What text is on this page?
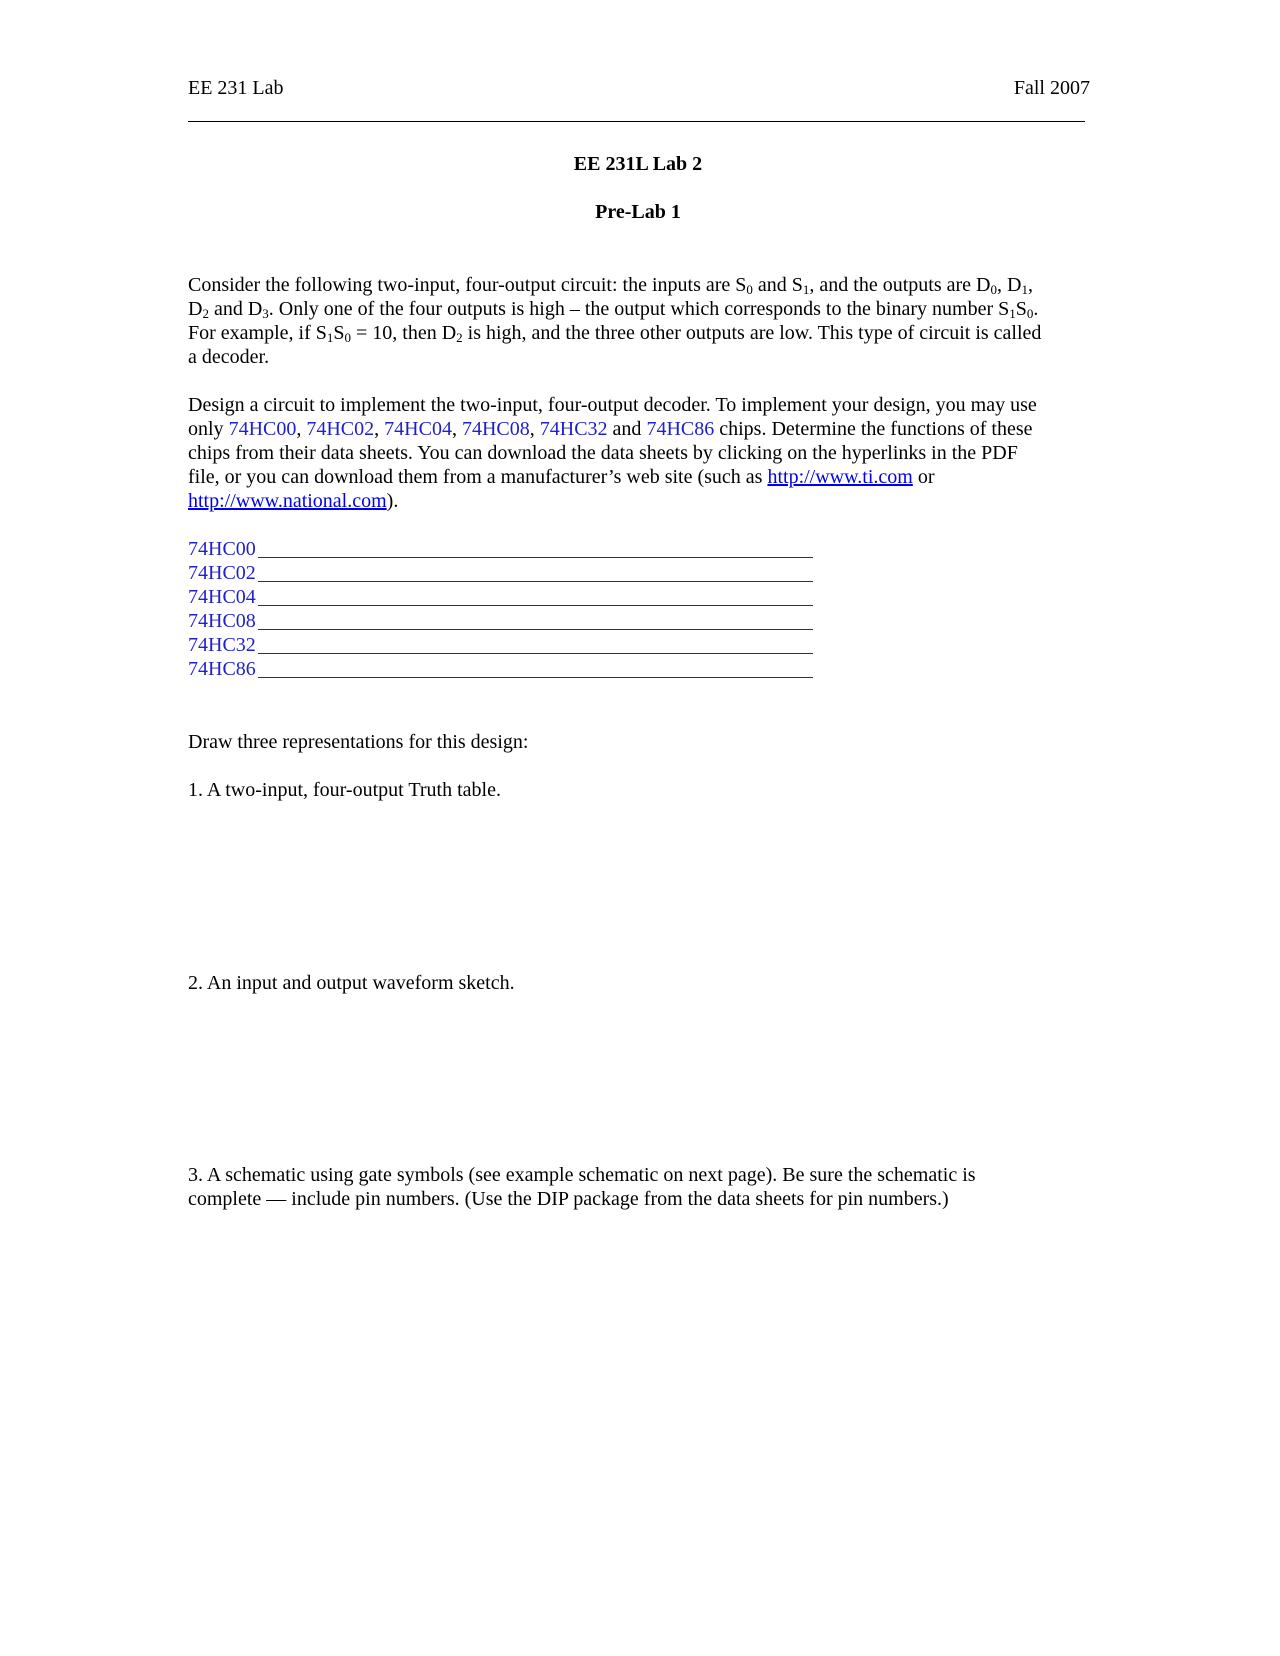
EE 231 Lab	Fall 2007
EE 231L Lab 2
Pre-Lab 1

Consider the following two-input, four-output circuit: the inputs are $S_0$ and $S_1$, and the outputs are $D_0$, $D_1$,
$D_2$ and $D_3$. Only one of the four outputs is high – the output which corresponds to the binary number $S_1S_0$.
For example, if $S_1S_0 = 10$, then $D_2$ is high, and the three other outputs are low. This type of circuit is called
a decoder.

Design a circuit to implement the two-input, four-output decoder. To implement your design, you may use
only 74HC00, 74HC02, 74HC04, 74HC08, 74HC32 and 74HC86 chips. Determine the functions of these
chips from their data sheets. You can download the data sheets by clicking on the hyperlinks in the PDF
file, or you can download them from a manufacturer’s web site (such as http://www.ti.com or
http://www.national.com).

74HC00
74HC02
74HC04
74HC08
74HC32
74HC86

Draw three representations for this design:

1. A two-input, four-output Truth table.

2. An input and output waveform sketch.

3. A schematic using gate symbols (see example schematic on next page). Be sure the schematic is
complete — include pin numbers. (Use the DIP package from the data sheets for pin numbers.)
